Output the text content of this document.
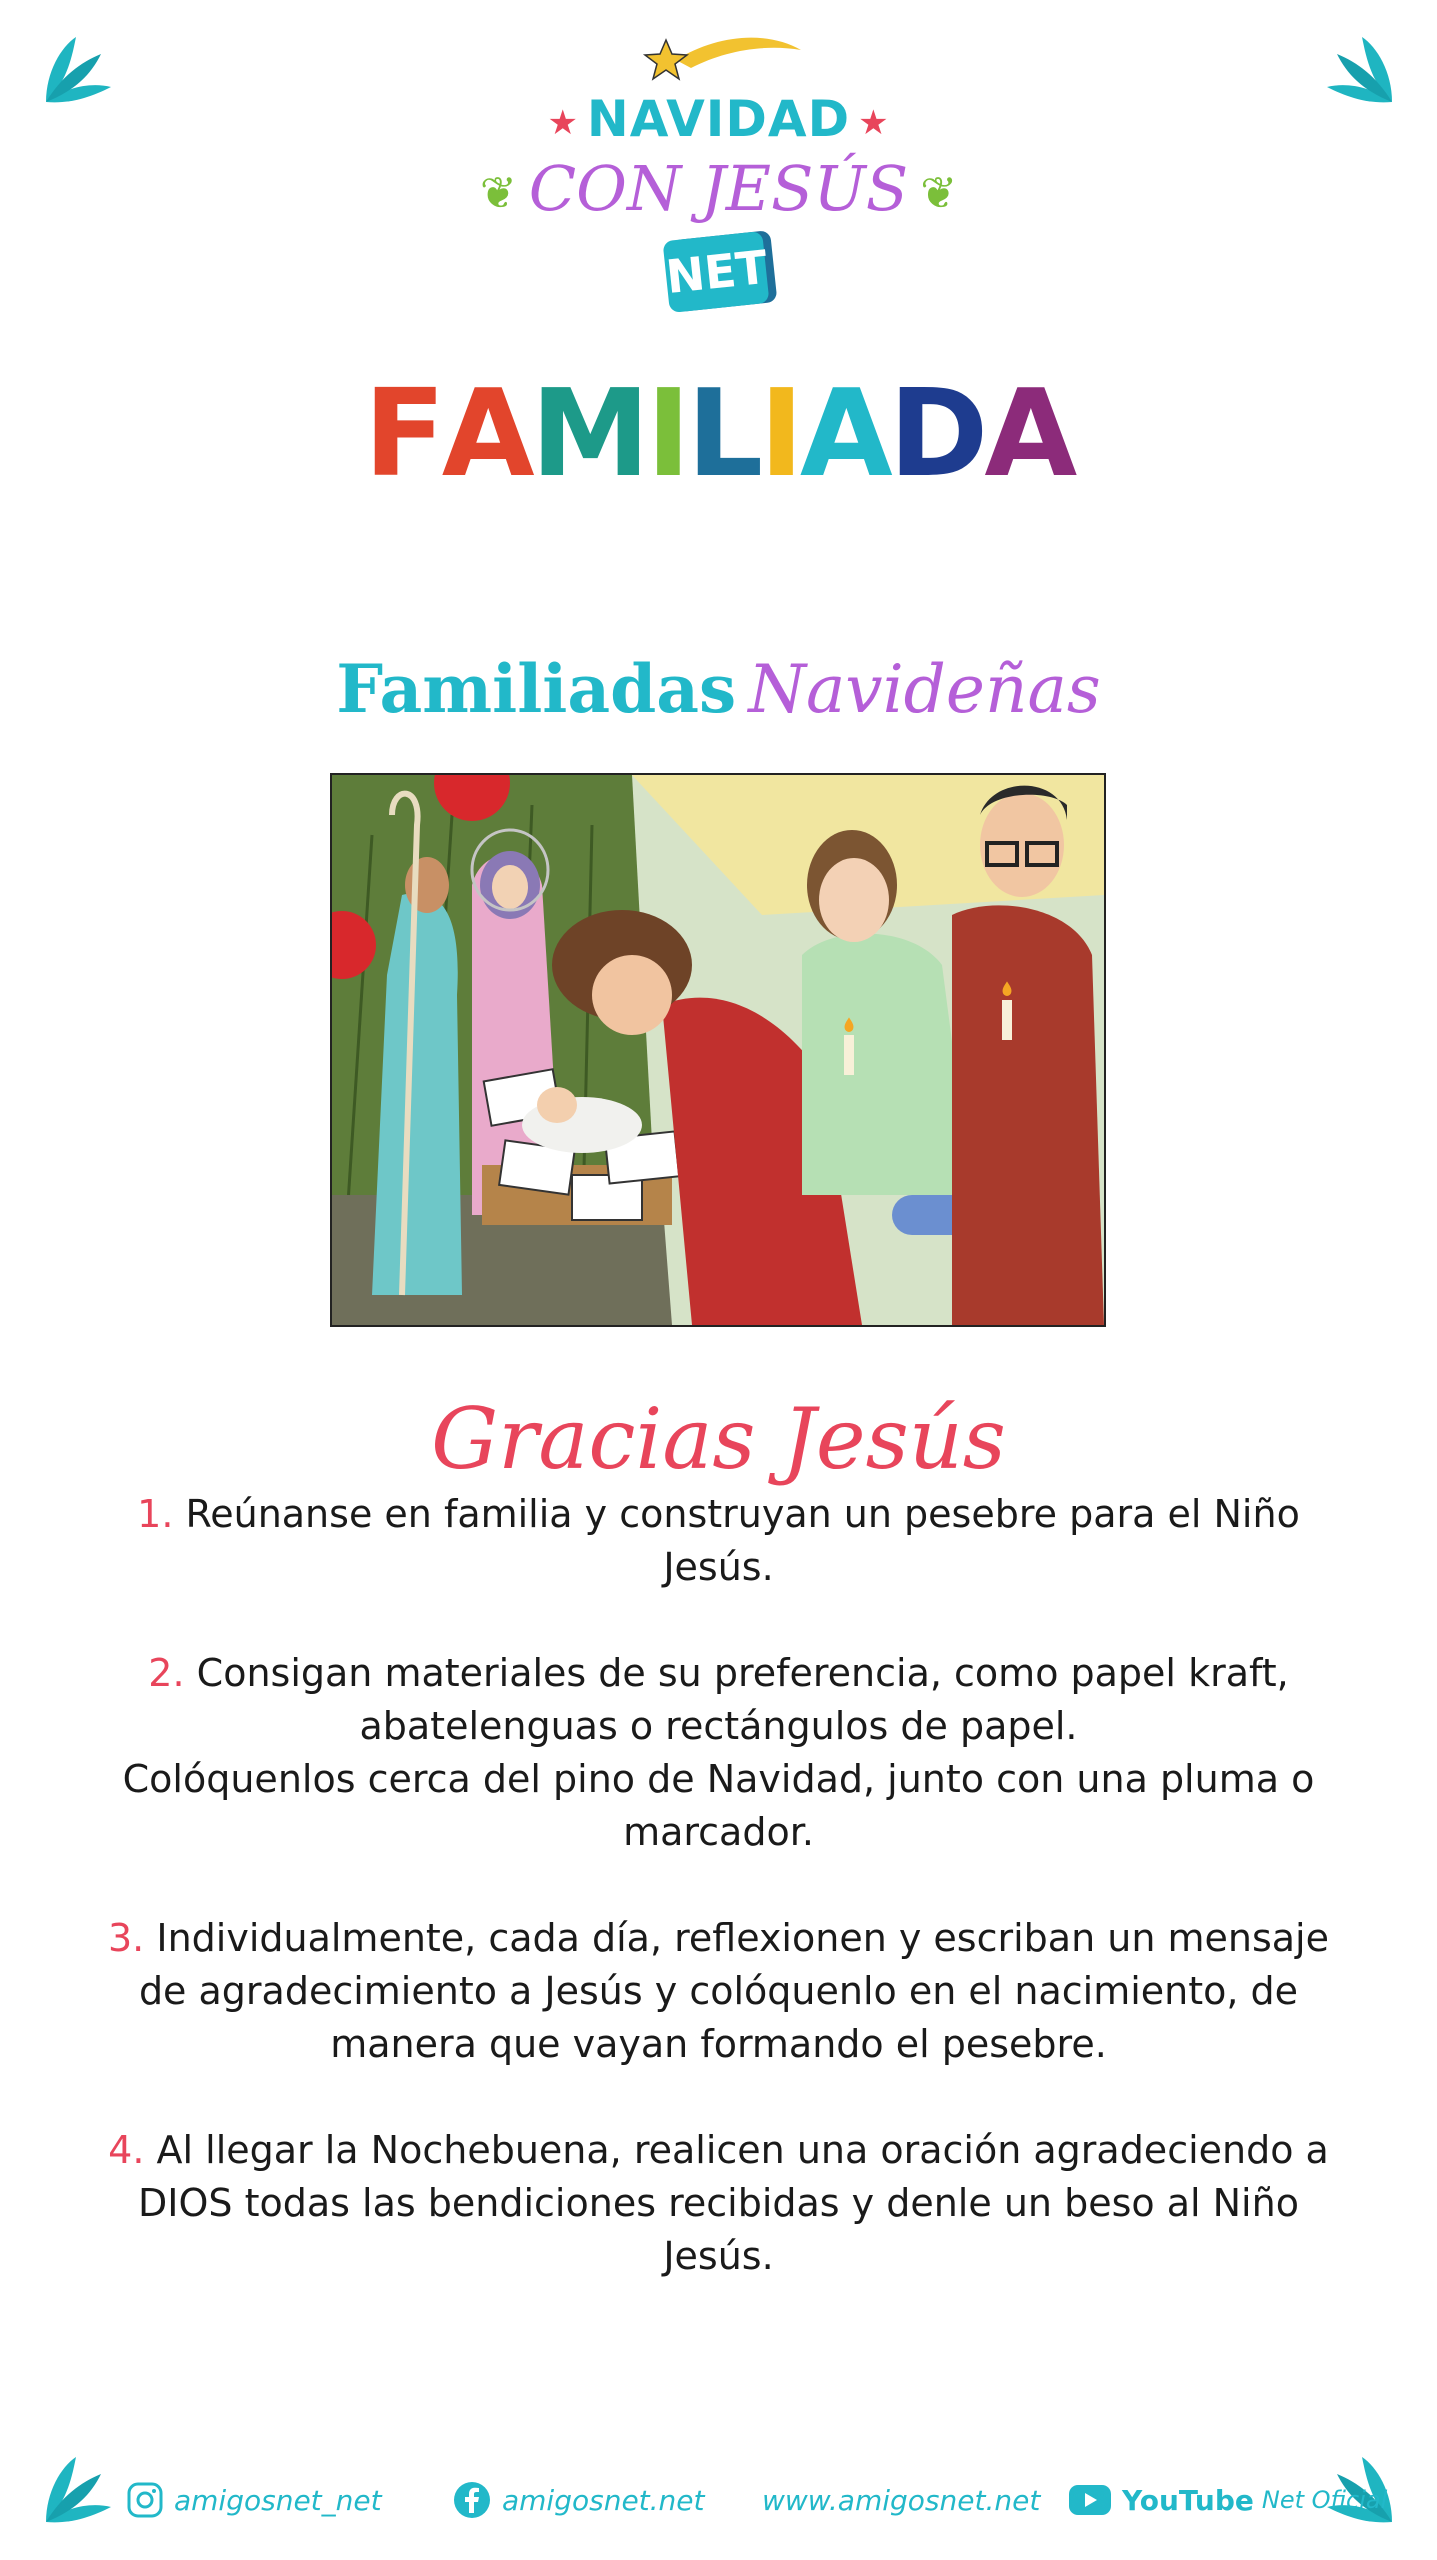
★ NAVIDAD ★
❦ CON JESÚS ❦
NET
FAMILIADA
Familiadas Navideñas
Gracias Jesús

1. Reúnanse en familia y construyan un pesebre para el Niño Jesús.

2. Consigan materiales de su preferencia, como papel kraft, abatelenguas o rectángulos de papel.

Colóquenlos cerca del pino de Navidad, junto con una pluma o marcador.

3. Individualmente, cada día, reflexionen y escriban un mensaje de agradecimiento a Jesús y colóquenlo en el nacimiento, de manera que vayan formando el pesebre.

4. Al llegar la Nochebuena, realicen una oración agradeciendo a DIOS todas las bendiciones recibidas y denle un beso al Niño Jesús.

amigosnet_net	amigosnet.net www.amigosnet.net	YouTube Net Oficial
